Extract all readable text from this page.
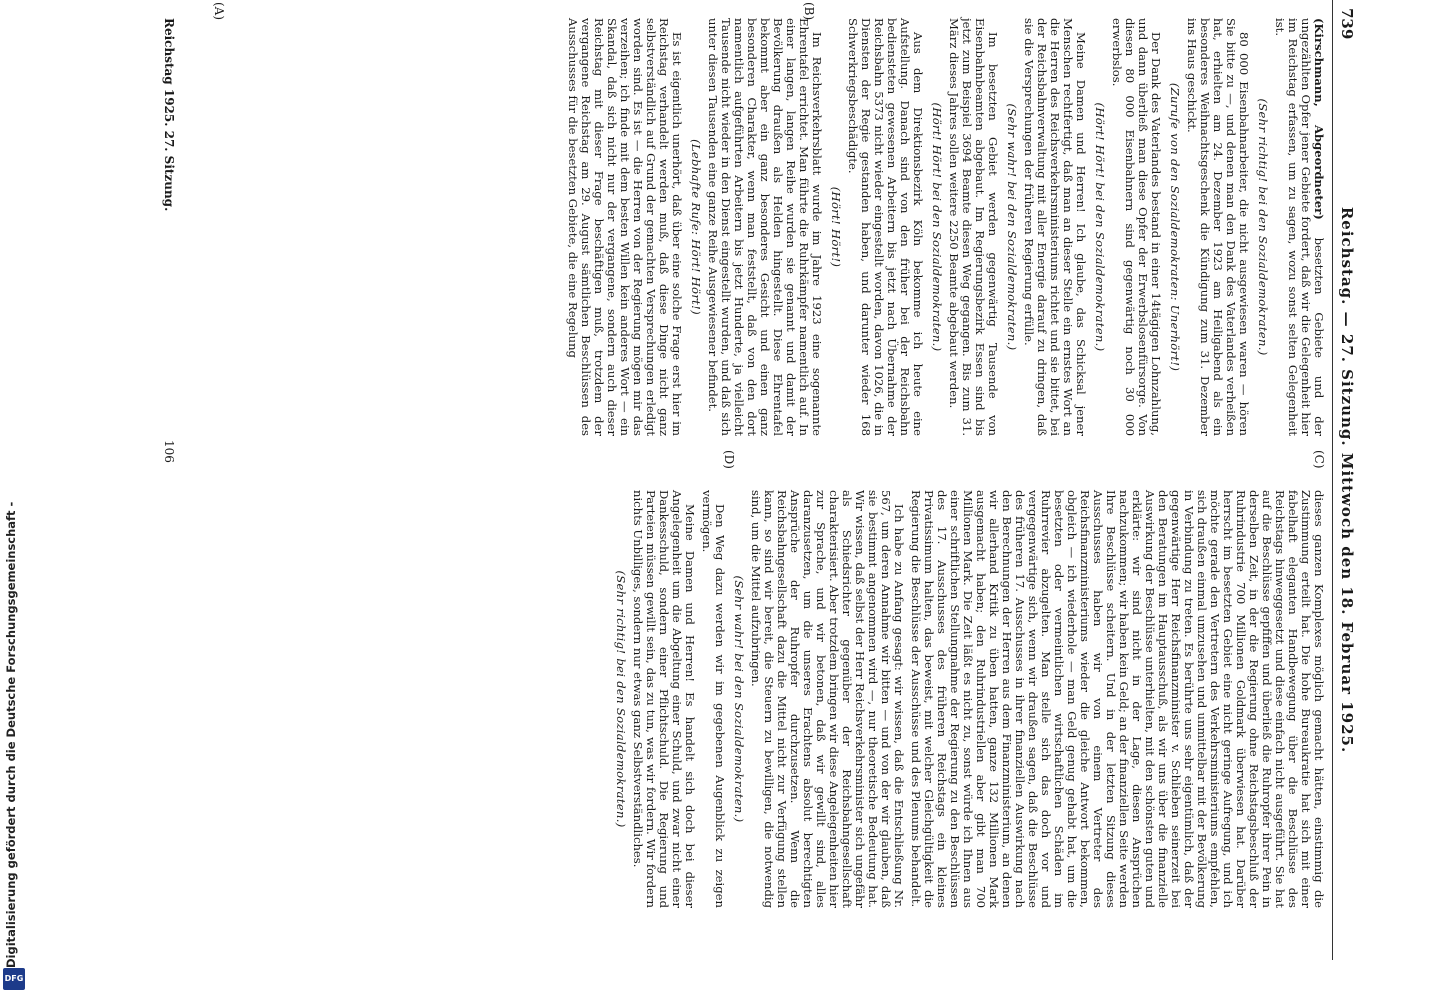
Digitalisierung gefördert durch die Deutsche Forschungsgemeinschaft -
DFG
739
Reichstag. — 27. Sitzung. Mittwoch den 18. Februar 1925.
(C)
(D)

(Kirschmann, Abgeordneter) besetzten Gebiete und der ungezählten Opfer jener Gebiete fordert, daß wir die Gelegenheit hier im Reichstag erfassen, um zu sagen, wozu sonst selten Gelegenheit ist.

(Sehr richtig! bei den Sozialdemokraten.)

80 000 Eisenbahnarbeiter, die nicht ausgewiesen waren — hören Sie bitte zu —, und denen man den Dank des Vaterlandes verheißen hat, erhielten am 24. Dezember 1923 am Heiligabend als ein besonderes Weihnachtsgeschenk die Kündigung zum 31. Dezember ins Haus geschickt.

(Zurufe von den Sozialdemokraten: Unerhört!)

Der Dank des Vaterlandes bestand in einer 14tägigen Lohnzahlung, und dann überließ man diese Opfer der Erwerbslosenfürsorge. Von diesen 80 000 Eisenbahnern sind gegenwärtig noch 30 000 erwerbslos.

(Hört! Hört! bei den Sozialdemokraten.)

Meine Damen und Herren! Ich glaube, das Schicksal jener Menschen rechtfertigt, daß man an dieser Stelle ein ernstes Wort an die Herren des Reichsverkehrsministeriums richtet und sie bittet, bei der Reichsbahnverwaltung mit aller Energie darauf zu dringen, daß sie die Versprechungen der früheren Regierung erfülle.

(Sehr wahr! bei den Sozialdemokraten.)

Im besetzten Gebiet werden gegenwärtig Tausende von Eisenbahnbeamten abgebaut. Im Regierungsbezirk Essen sind bis jetzt zum Beispiel 3694 Beamte diesen Weg gegangen. Bis zum 31. März dieses Jahres sollen weitere 2250 Beamte abgebaut werden.

(Hört! Hört! bei den Sozialdemokraten.)

Aus dem Direktionsbezirk Köln bekomme ich heute eine Aufstellung. Danach sind von den früher bei der Reichsbahn bediensteten gewesenen Arbeitern bis jetzt nach Übernahme der Reichsbahn 5373 nicht wieder eingestellt worden, davon 1026, die in Diensten der Regie gestanden haben, und darunter wieder 168 Schwerkriegsbeschädigte.

(Hört! Hört!)

Im Reichsverkehrsblatt wurde im Jahre 1923 eine sogenannte Ehrentafel errichtet. Man führte die Ruhrkämpfer namentlich auf. In einer langen, langen Reihe wurden sie genannt und damit der Bevölkerung draußen als Helden hingestellt. Diese Ehrentafel bekommt aber ein ganz besonderes Gesicht und einen ganz besonderen Charakter, wenn man feststellt, daß von den dort namentlich aufgeführten Arbeitern bis jetzt Hunderte, ja vielleicht Tausende nicht wieder in den Dienst eingestellt wurden, und daß sich unter diesen Tausenden eine ganze Reihe Ausgewiesener befindet.

(Lebhafte Rufe: Hört! Hört!)

Es ist eigentlich unerhört, daß über eine solche Frage erst hier im Reichstag verhandelt werden muß, daß diese Dinge nicht ganz selbstverständlich auf Grund der gemachten Versprechungen erledigt worden sind. Es ist — die Herren von der Regierung mögen mir das verzeihen; ich finde mit dem besten Willen kein anderes Wort — ein Skandal, daß sich nicht nur der vergangene, sondern auch dieser Reichstag mit dieser Frage beschäftigen muß, trotzdem der vergangene Reichstag am 29. August sämtlichen Beschlüssen des Ausschusses für die besetzten Gebiete, die eine Regelung

dieses ganzen Komplexes möglich gemacht hätten, einstimmig die Zustimmung erteilt hat. Die hohe Bureaukratie hat sich mit einer fabelhaft eleganten Handbewegung über die Beschlüsse des Reichstags hinweggesetzt und diese einfach nicht ausgeführt. Sie hat auf die Beschlüsse gepfiffen und überließ die Ruhropfer ihrer Pein in derselben Zeit, in der die Regierung ohne Reichstagsbeschluß der Ruhrindustrie 700 Millionen Goldmark überwiesen hat. Darüber herrscht im besetzten Gebiet eine nicht geringe Aufregung, und ich möchte gerade den Vertretern des Verkehrsministeriums empfehlen, sich draußen einmal umzusehen und unmittelbar mit der Bevölkerung in Verbindung zu treten. Es berührte uns sehr eigentümlich, daß der gegenwärtige Herr Reichsfinanzminister v. Schlieben seinerzeit bei den Beratungen im Hauptausschuß, als wir uns über die finanzielle Auswirkung der Beschlüsse unterhielten, mit den schönsten guten und erklärte: wir sind nicht in der Lage, diesen Ansprüchen nachzukommen; wir haben kein Geld; an der finanziellen Seite werden Ihre Beschlüsse scheitern. Und in der letzten Sitzung dieses Ausschusses haben wir von einem Vertreter des Reichsfinanzministeriums wieder die gleiche Antwort bekommen, obgleich — ich wiederhole — man Geld genug gehabt hat, um die besetzten oder vermeintlichen wirtschaftlichen Schäden im Ruhrrevier abzugelten. Man stelle sich das doch vor und vergegenwärtige sich, wenn wir draußen sagen, daß die Beschlüsse des früheren 17. Ausschusses in ihrer finanziellen Auswirkung nach den Berechnungen der Herren aus dem Finanzministerium, an denen wir allerhand Kritik zu üben hatten, ganze 132 Millionen Mark ausgemacht haben; den Ruhrindustriellen aber gibt man 700 Millionen Mark. Die Zeit läßt es nicht zu, sonst würde ich Ihnen aus einer schriftlichen Stellungnahme der Regierung zu den Beschlüssen des 17. Ausschusses des früheren Reichstags ein kleines Privatissimum halten, das beweist, mit welcher Gleichgültigkeit die Regierung die Beschlüsse der Ausschüsse und des Plenums behandelt.

Ich habe zu Anfang gesagt: wir wissen, daß die Entschließung Nr. 567, um deren Annahme wir bitten — und von der wir glauben, daß sie bestimmt angenommen wird —, nur theoretische Bedeutung hat. Wir wissen, daß selbst der Herr Reichsverkehrsminister sich ungefähr als Schiedsrichter gegenüber der Reichsbahngesellschaft charakterisiert. Aber trotzdem bringen wir diese Angelegenheiten hier zur Sprache, und wir betonen, daß wir gewillt sind, alles daranzusetzen, um die unseres Erachtens absolut berechtigten Ansprüche der Ruhropfer durchzusetzen. Wenn die Reichsbahngesellschaft dazu die Mittel nicht zur Verfügung stellen kann, so sind wir bereit, die Steuern zu bewilligen, die notwendig sind, um die Mittel aufzubringen.

(Sehr wahr! bei den Sozialdemokraten.)

Den Weg dazu werden wir im gegebenen Augenblick zu zeigen vermögen.

Meine Damen und Herren! Es handelt sich doch bei dieser Angelegenheit um die Abgeltung einer Schuld, und zwar nicht einer Dankesschuld, sondern einer Pflichtschuld. Die Regierung und Parteien müssen gewillt sein, das zu tun, was wir fordern. Wir fordern nichts Unbilliges, sondern nur etwas ganz Selbstverständliches.

(Sehr richtig! bei den Sozialdemokraten.)
(A)	(B)
Reichstag 1925. 27. Sitzung.
106
